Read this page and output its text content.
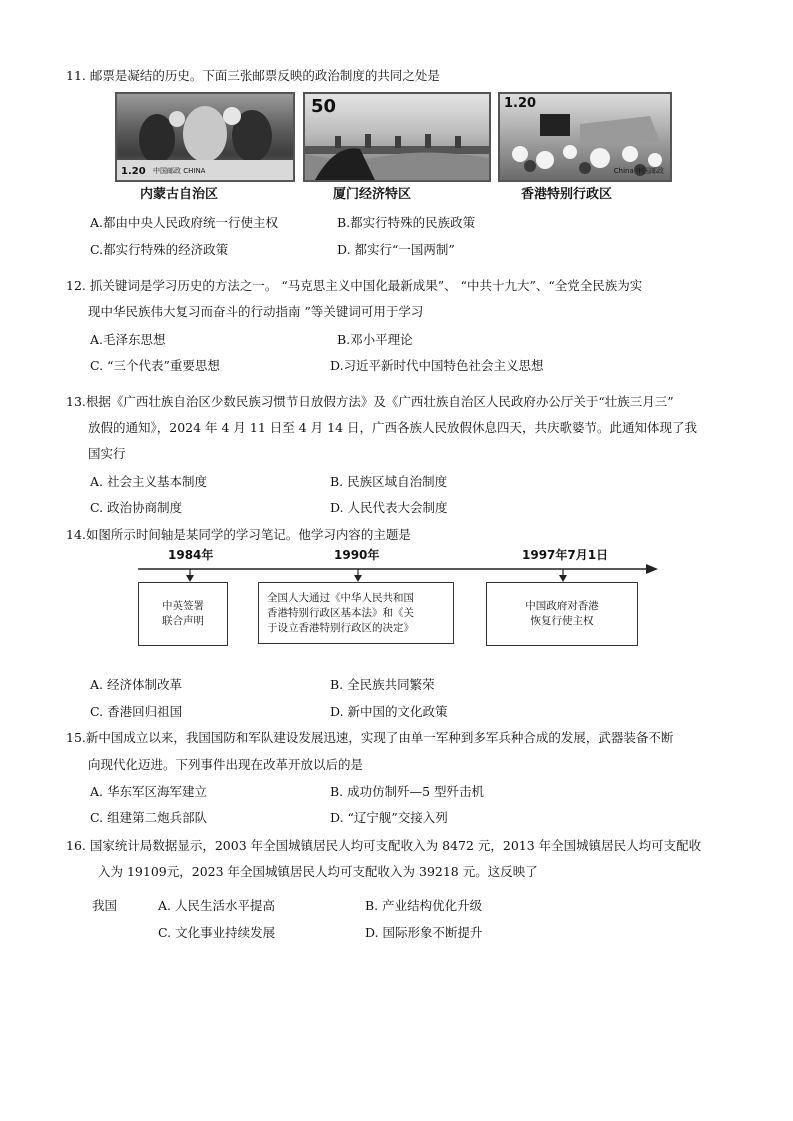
11. 邮票是凝结的历史。下面三张邮票反映的政治制度的共同之处是
1.20 中国邮政 CHINA
内蒙古自治区
50
厦门经济特区
1.20
China 中国邮政
香港特别行政区
A.都由中央人民政府统一行使主权	B.都实行特殊的民族政策
C.都实行特殊的经济政策	D. 都实行“一国两制”
12. 抓关键词是学习历史的方法之一。 “马克思主义中国化最新成果”、 “中共十九大”、“全党全民族为实
现中华民族伟大复习而奋斗的行动指南 ”等关键词可用于学习
A.毛泽东思想	B.邓小平理论
C. “三个代表”重要思想	D.习近平新时代中国特色社会主义思想
13.根据《广西壮族自治区少数民族习惯节日放假方法》及《广西壮族自治区人民政府办公厅关于“壮族三月三”
放假的通知》，2024 年 4 月 11 日至 4 月 14 日，广西各族人民放假休息四天，共庆歌婆节。此通知体现了我
国实行
A. 社会主义基本制度	B. 民族区域自治制度
C. 政治协商制度	D. 人民代表大会制度
14.如图所示时间轴是某同学的学习笔记。他学习内容的主题是
1984年	1990年	1997年7月1日
中英签署
联合声明
全国人大通过《中华人民共和国
香港特别行政区基本法》和《关
于设立香港特别行政区的决定》
中国政府对香港
恢复行使主权
A. 经济体制改革	B. 全民族共同繁荣
C. 香港回归祖国	D. 新中国的文化政策
15.新中国成立以来，我国国防和军队建设发展迅速，实现了由单一军种到多军兵种合成的发展，武器装备不断
向现代化迈进。下列事件出现在改革开放以后的是
A. 华东军区海军建立	B. 成功仿制歼—5 型歼击机
C. 组建第二炮兵部队	D. “辽宁舰”交接入列
16. 国家统计局数据显示，2003 年全国城镇居民人均可支配收入为 8472 元，2013 年全国城镇居民人均可支配收
入为 19109元，2023 年全国城镇居民人均可支配收入为 39218 元。这反映了
我国	A. 人民生活水平提高	B. 产业结构优化升级
C. 文化事业持续发展	D. 国际形象不断提升
